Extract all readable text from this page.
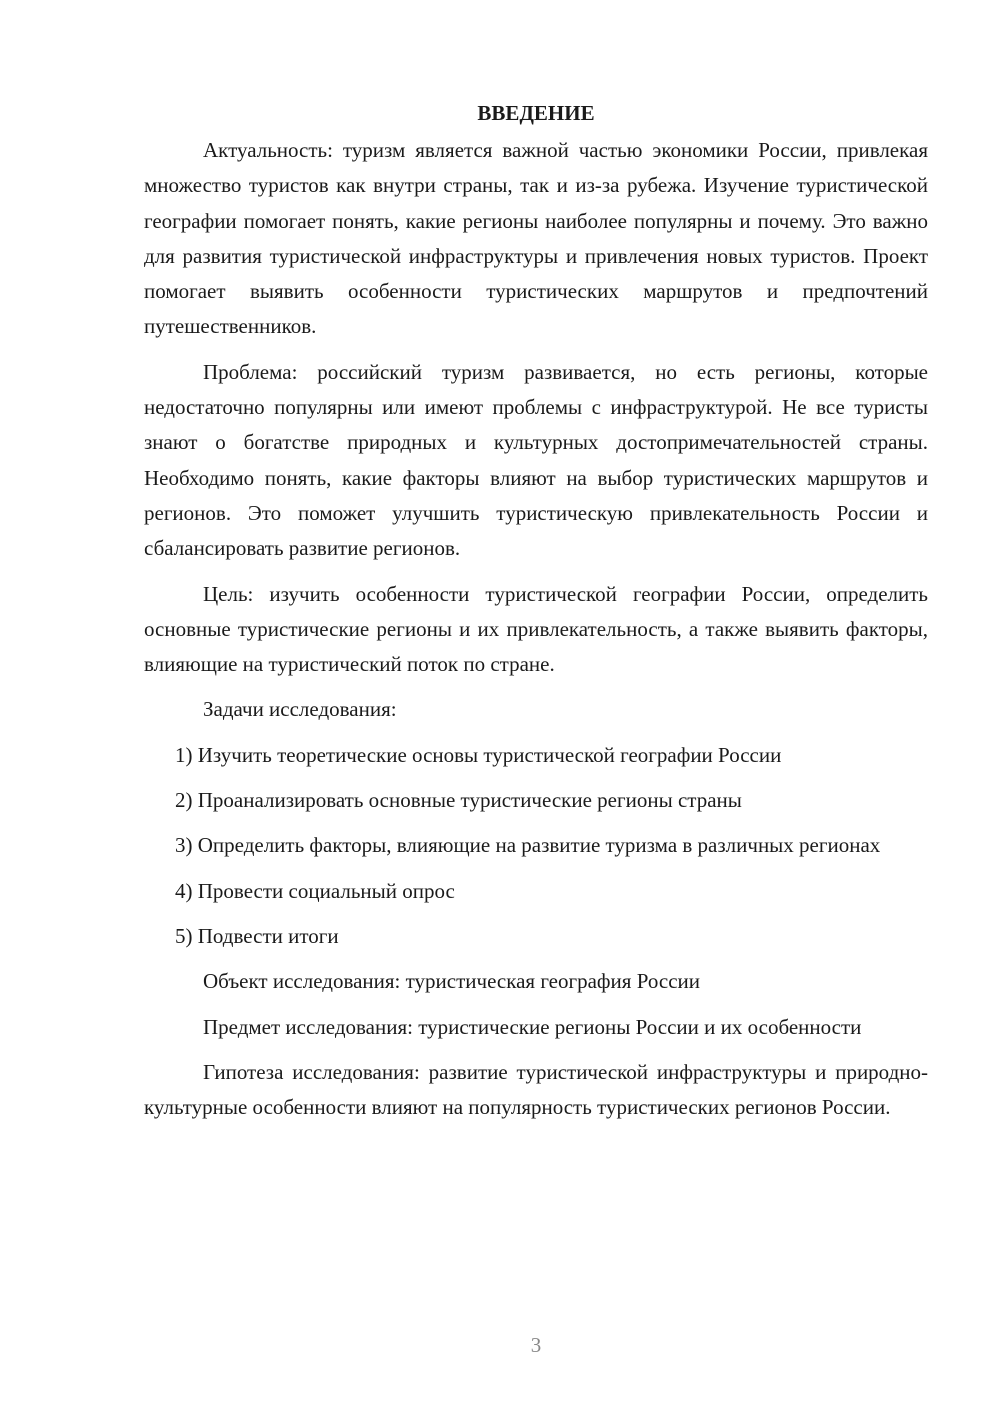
ВВЕДЕНИЕ

Актуальность: туризм является важной частью экономики России, привлекая множество туристов как внутри страны, так и из-за рубежа. Изучение туристической географии помогает понять, какие регионы наиболее популярны и почему. Это важно для развития туристической инфраструктуры и привлечения новых туристов. Проект помогает выявить особенности туристических маршрутов и предпочтений путешественников.

Проблема: российский туризм развивается, но есть регионы, которые недостаточно популярны или имеют проблемы с инфраструктурой. Не все туристы знают о богатстве природных и культурных достопримечательностей страны. Необходимо понять, какие факторы влияют на выбор туристических маршрутов и регионов. Это поможет улучшить туристическую привлекательность России и сбалансировать развитие регионов.

Цель: изучить особенности туристической географии России, определить основные туристические регионы и их привлекательность, а также выявить факторы, влияющие на туристический поток по стране.

Задачи исследования:

1) Изучить теоретические основы туристической географии России

2) Проанализировать основные туристические регионы страны

3) Определить факторы, влияющие на развитие туризма в различных регионах

4) Провести социальный опрос

5) Подвести итоги

Объект исследования: туристическая география России

Предмет исследования: туристические регионы России и их особенности

Гипотеза исследования: развитие туристической инфраструктуры и природно-культурные особенности влияют на популярность туристических регионов России.

3
